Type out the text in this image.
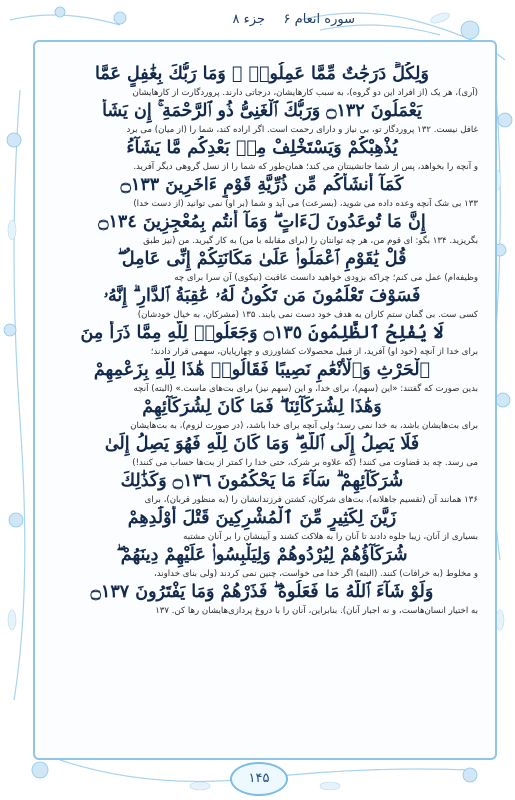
جزء ۸ سوره انعام ۶
وَلِكُلٍّ دَرَجَٰتٌ مِّمَّا عَمِلُوا۟ ۚ وَمَا رَبُّكَ بِغَٰفِلٍ عَمَّا
(آری)، هر یک (از افراد این دو گروه)، به سبب کارهایشان، درجاتی دارند. پروردگارت از کارهایشان
يَعْمَلُونَ ۝١٣٢ وَرَبُّكَ ٱلْغَنِىُّ ذُو ٱلرَّحْمَةِ ۚ إِن يَشَأْ
غافل نیست. ۱۳۲ پروردگار تو، بی نیاز و دارای رحمت است. اگر اراده کند، شما را (از میان) می برد
يُذْهِبْكُمْ وَيَسْتَخْلِفْ مِنۢ بَعْدِكُم مَّا يَشَآءُ
و آنچه را بخواهد، پس از شما جانشینتان می کند؛ همان‌طور که شما را از نسل گروهی دیگر آفرید.
كَمَآ أَنشَأَكُم مِّن ذُرِّيَّةِ قَوْمٍ ءَاخَرِينَ ۝١٣٣
۱۳۳ بی شک آنچه وعده داده می شوید، (بسرعت) می آید و شما (بر او) نمی توانید (از دست خدا)
إِنَّ مَا تُوعَدُونَ لَءَاتٍ ۖ وَمَآ أَنتُم بِمُعْجِزِينَ ۝١٣٤
بگریزید. ۱۳۴ بگو: ای قوم من، هر چه توانتان را (برای مقابله با من) به کار گیرید. من (نیز طبق
قُلْ يَٰقَوْمِ ٱعْمَلُوا۟ عَلَىٰ مَكَانَتِكُمْ إِنِّى عَامِلٌ ۖ
وظیفه‌ام) عمل می کنم؛ چراکه بزودی خواهید دانست عاقبت (نیکوی) آن سرا برای چه
فَسَوْفَ تَعْلَمُونَ مَن تَكُونُ لَهُۥ عَٰقِبَةُ ٱلدَّارِ ۗ إِنَّهُۥ
کسی ست. بی گمان ستم کاران به هدف خود دست نمی یابند. ۱۳۵ (مشرکان، به خیال خودشان)
لَا يُفْلِحُ ٱلظَّٰلِمُونَ ۝١٣٥ وَجَعَلُوا۟ لِلَّهِ مِمَّا ذَرَأَ مِنَ
برای خدا از آنچه (خود او) آفرید، از قبیل محصولات کشاورزی و چهارپایان، سهمی قرار دادند؛
ٱلْحَرْثِ وَٱلْأَنْعَٰمِ نَصِيبًا فَقَالُوا۟ هَٰذَا لِلَّهِ بِزَعْمِهِمْ
بدین صورت که گفتند: «این (سهم)، برای خدا، و این (سهم نیز) برای بت‌های ماست.» (البته) آنچه
وَهَٰذَا لِشُرَكَآئِنَا ۖ فَمَا كَانَ لِشُرَكَآئِهِمْ
برای بت‌هایشان باشد، به خدا نمی رسد؛ ولی آنچه برای خدا باشد، (در صورت لزوم)، به بت‌هایشان
فَلَا يَصِلُ إِلَى ٱللَّهِ ۖ وَمَا كَانَ لِلَّهِ فَهُوَ يَصِلُ إِلَىٰ
می رسد. چه بد قضاوت می کنند! (که علاوه بر شرک، حتی خدا را کمتر از بت‌ها حساب می کنند!)
شُرَكَآئِهِمْ ۗ سَآءَ مَا يَحْكُمُونَ ۝١٣٦ وَكَذَٰلِكَ
۱۳۶ همانند آن (تقسیم جاهلانه)، بت‌های شرکان، کشتن فرزندانشان را (به منظور قربان)، برای
زَيَّنَ لِكَثِيرٍ مِّنَ ٱلْمُشْرِكِينَ قَتْلَ أَوْلَٰدِهِمْ
بسیاری از آنان، زیبا جلوه دادند تا آنان را به هلاکت کشند و آیینشان را بر آنان مشتبه
شُرَكَآؤُهُمْ لِيُرْدُوهُمْ وَلِيَلْبِسُوا۟ عَلَيْهِمْ دِينَهُمْ ۖ
و مخلوط (به خرافات) کنند. (البته) اگر خدا می خواست، چنین نمی کردند (ولی بنای خداوند،
وَلَوْ شَآءَ ٱللَّهُ مَا فَعَلُوهُ ۖ فَذَرْهُمْ وَمَا يَفْتَرُونَ ۝١٣٧
به اختیار انسان‌هاست، و نه اجبار آنان). بنابراین، آنان را با دروغ پردازی‌هایشان رها کن. ۱۳۷
۱۴۵
